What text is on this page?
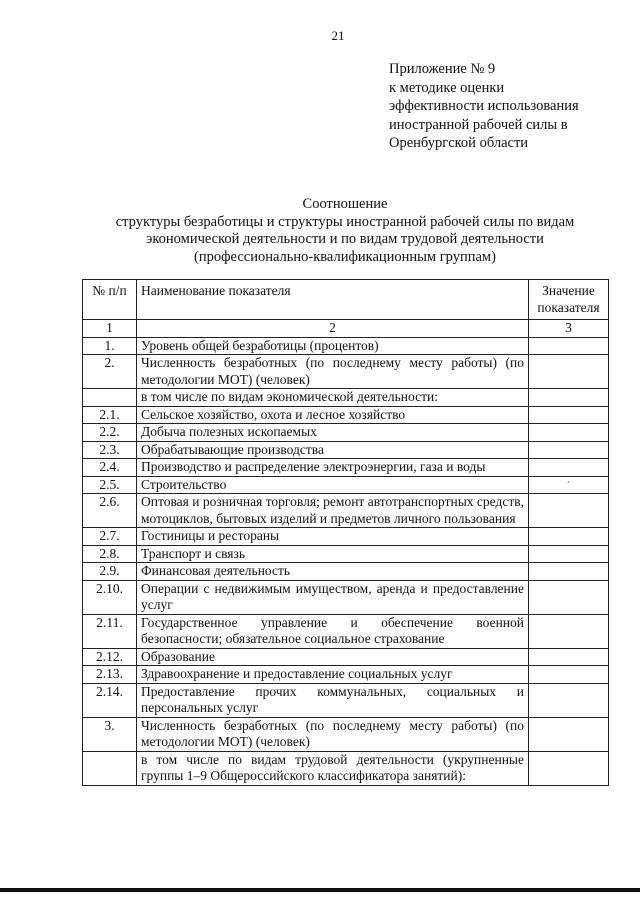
21
Приложение № 9
к методике оценки
эффективности использования
иностранной рабочей силы в
Оренбургской области
Соотношение
структуры безработицы и структуры иностранной рабочей силы по видам
экономической деятельности и по видам трудовой деятельности
(профессионально-квалификационным группам)
№ п/п	Наименование показателя	Значение показателя
1	2	3
1.	Уровень общей безработицы (процентов)	
2.	Численность безработных (по последнему месту работы) (по методологии МОТ) (человек)	
	в том числе по видам экономической деятельности:	
2.1.	Сельское хозяйство, охота и лесное хозяйство	
2.2.	Добыча полезных ископаемых	
2.3.	Обрабатывающие производства	
2.4.	Производство и распределение электроэнергии, газа и воды	
2.5.	Строительство	ˊ
2.6.	Оптовая и розничная торговля; ремонт автотранспортных средств, мотоциклов, бытовых изделий и предметов личного пользования	
2.7.	Гостиницы и рестораны	
2.8.	Транспорт и связь	
2.9.	Финансовая деятельность	
2.10.	Операции с недвижимым имуществом, аренда и предоставление услуг	
2.11.	Государственное управление и обеспечение военной безопасности; обязательное социальное страхование	
2.12.	Образование	
2.13.	Здравоохранение и предоставление социальных услуг	
2.14.	Предоставление прочих коммунальных, социальных и персональных услуг	
3.	Численность безработных (по последнему месту работы) (по методологии МОТ) (человек)	
	в том числе по видам трудовой деятельности (укрупненные группы 1–9 Общероссийского классификатора занятий):	
